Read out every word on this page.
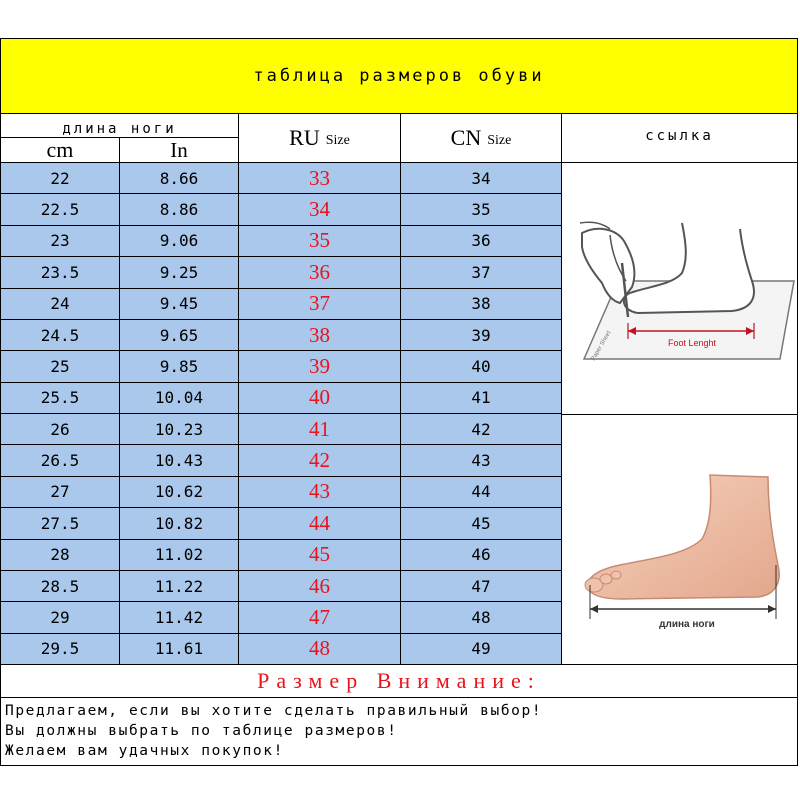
таблица размеров обуви
длина ноги
cm	In	RU Size	CN Size	ссылка
22	8.66	33	34
22.5	8.86	34	35
23	9.06	35	36
23.5	9.25	36	37
24	9.45	37	38
24.5	9.65	38	39
25	9.85	39	40
25.5	10.04	40	41
26	10.23	41	42
26.5	10.43	42	43
27	10.62	43	44
27.5	10.82	44	45
28	11.02	45	46
28.5	11.22	46	47
29	11.42	47	48
29.5	11.61	48	49
Foot Lenght
Paper Sheet
длина ноги
Размер Внимание:
Предлагаем, если вы хотите сделать правильный выбор!
Вы должны выбрать по таблице размеров!
Желаем вам удачных покупок!
